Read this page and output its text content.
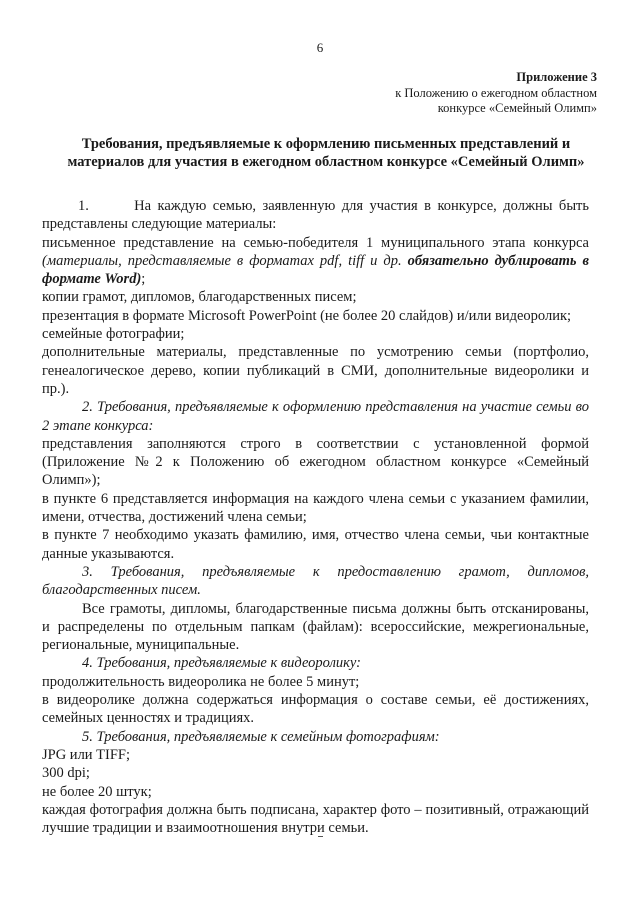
6
Приложение 3
к Положению о ежегодном областном
конкурсе «Семейный Олимп»
Требования, предъявляемые к оформлению письменных представлений и материалов для участия в ежегодном областном конкурсе «Семейный Олимп»

1.	На каждую семью, заявленную для участия в конкурсе, должны быть представлены следующие материалы:

письменное представление на семью-победителя 1 муниципального этапа конкурса (материалы, представляемые в форматах pdf, tiff и др. обязательно дублировать в формате Word);

копии грамот, дипломов, благодарственных писем;

презентация в формате Microsoft PowerPoint (не более 20 слайдов) и/или видеоролик;

семейные фотографии;

дополнительные материалы, представленные по усмотрению семьи (портфолио, генеалогическое дерево, копии публикаций в СМИ, дополнительные видеоролики и пр.).

2. Требования, предъявляемые к оформлению представления на участие семьи во 2 этапе конкурса:

представления заполняются строго в соответствии с установленной формой (Приложение №2 к Положению об ежегодном областном конкурсе «Семейный Олимп»);

в пункте 6 представляется информация на каждого члена семьи с указанием фамилии, имени, отчества, достижений члена семьи;

в пункте 7 необходимо указать фамилию, имя, отчество члена семьи, чьи контактные данные указываются.

3. Требования, предъявляемые к предоставлению грамот, дипломов, благодарственных писем.

Все грамоты, дипломы, благодарственные письма должны быть отсканированы, и распределены по отдельным папкам (файлам): всероссийские, межрегиональные, региональные, муниципальные.

4. Требования, предъявляемые к видеоролику:

продолжительность видеоролика не более 5 минут;

в видеоролике должна содержаться информация о составе семьи, её достижениях, семейных ценностях и традициях.

5. Требования, предъявляемые к семейным фотографиям:

JPG или TIFF;

300 dpi;

не более 20 штук;

каждая фотография должна быть подписана, характер фото – позитивный, отражающий лучшие традиции и взаимоотношения внутри семьи.
